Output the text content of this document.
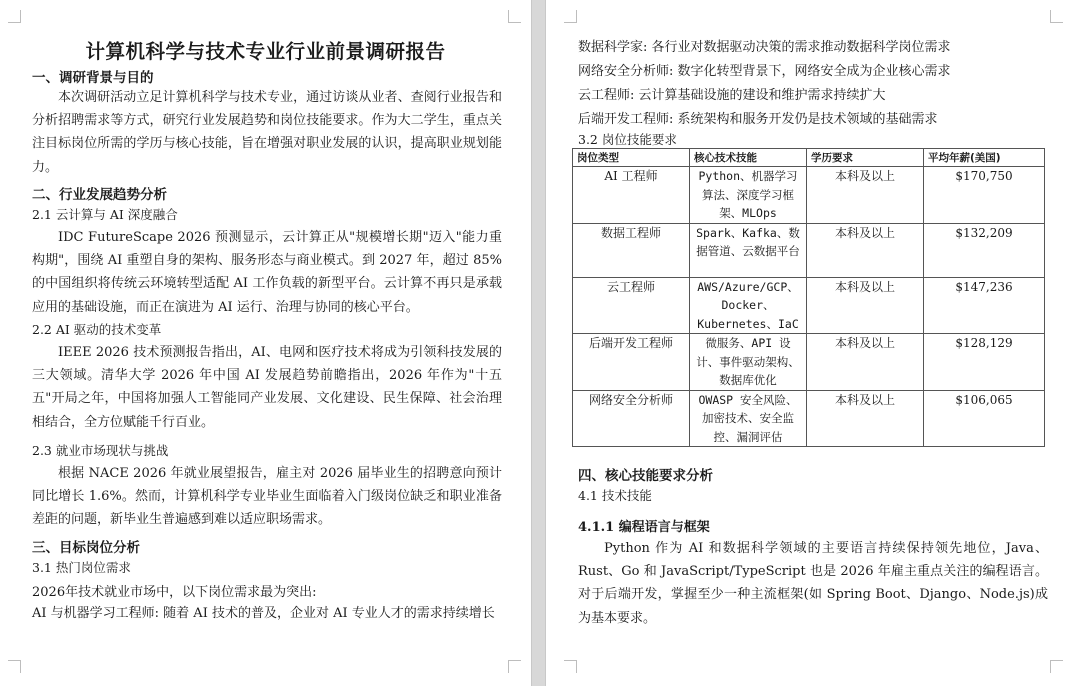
计算机科学与技术专业行业前景调研报告
一、调研背景与目的
本次调研活动立足计算机科学与技术专业，通过访谈从业者、查阅行业报告和分析招聘需求等方式，研究行业发展趋势和岗位技能要求。作为大二学生，重点关注目标岗位所需的学历与核心技能，旨在增强对职业发展的认识，提高职业规划能力。
二、行业发展趋势分析
2.1 云计算与 AI 深度融合
IDC FutureScape 2026 预测显示，云计算正从"规模增长期"迈入"能力重构期"，围绕 AI 重塑自身的架构、服务形态与商业模式。到 2027 年，超过 85%的中国组织将传统云环境转型适配 AI 工作负载的新型平台。云计算不再只是承载应用的基础设施，而正在演进为 AI 运行、治理与协同的核心平台。
2.2 AI 驱动的技术变革
IEEE 2026 技术预测报告指出，AI、电网和医疗技术将成为引领科技发展的三大领域。清华大学 2026 年中国 AI 发展趋势前瞻指出，2026 年作为"十五五"开局之年，中国将加强人工智能同产业发展、文化建设、民生保障、社会治理相结合，全方位赋能千行百业。
2.3 就业市场现状与挑战
根据 NACE 2026 年就业展望报告，雇主对 2026 届毕业生的招聘意向预计同比增长 1.6%。然而，计算机科学专业毕业生面临着入门级岗位缺乏和职业准备差距的问题，新毕业生普遍感到难以适应职场需求。
三、目标岗位分析
3.1 热门岗位需求
2026年技术就业市场中，以下岗位需求最为突出:
AI 与机器学习工程师: 随着 AI 技术的普及，企业对 AI 专业人才的需求持续增长
数据科学家: 各行业对数据驱动决策的需求推动数据科学岗位需求
网络安全分析师: 数字化转型背景下，网络安全成为企业核心需求
云工程师: 云计算基础设施的建设和维护需求持续扩大
后端开发工程师: 系统架构和服务开发仍是技术领域的基础需求
3.2 岗位技能要求
岗位类型	核心技术技能	学历要求	平均年薪(美国)
AI 工程师	Python、机器学习算法、深度学习框架、MLOps	本科及以上	$170,750
数据工程师	Spark、Kafka、数据管道、云数据平台	本科及以上	$132,209
云工程师	AWS/Azure/GCP、Docker、Kubernetes、IaC	本科及以上	$147,236
后端开发工程师	微服务、API 设计、事件驱动架构、数据库优化	本科及以上	$128,129
网络安全分析师	OWASP 安全风险、加密技术、安全监控、漏洞评估	本科及以上	$106,065
四、核心技能要求分析
4.1 技术技能
4.1.1 编程语言与框架
Python 作为 AI 和数据科学领域的主要语言持续保持领先地位，Java、Rust、Go 和 JavaScript/TypeScript 也是 2026 年雇主重点关注的编程语言。对于后端开发，掌握至少一种主流框架(如 Spring Boot、Django、Node.js)成为基本要求。
